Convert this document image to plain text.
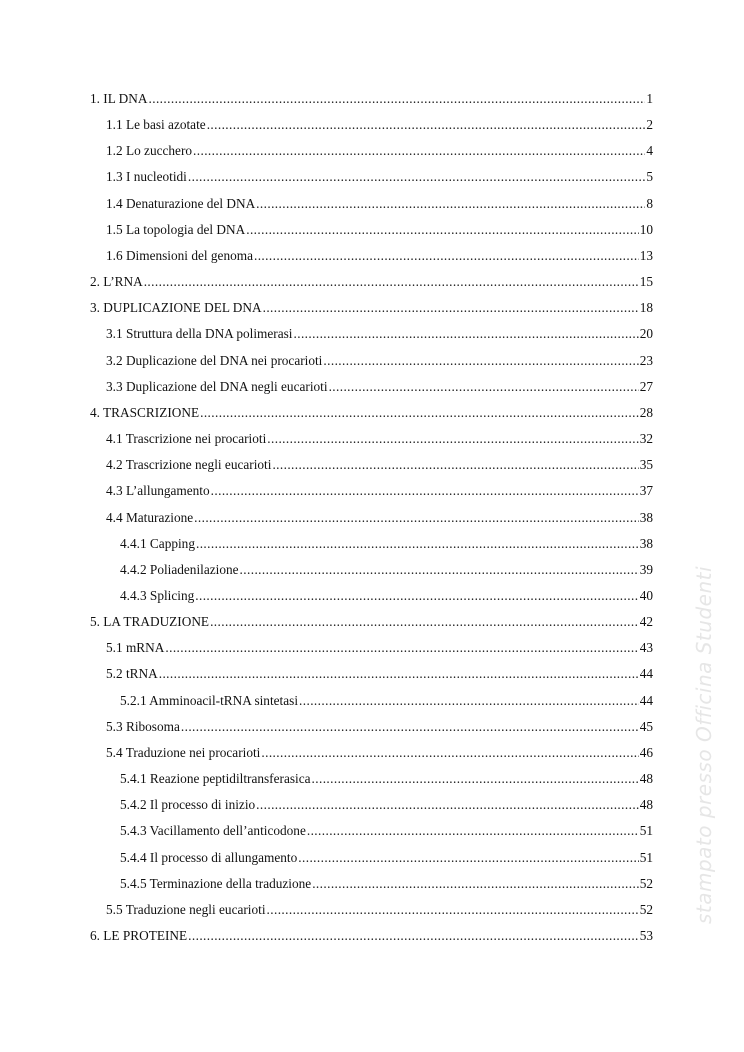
stampato presso Officina Studenti
1. IL DNA .....	1
1.1 Le basi azotate .....	2
1.2 Lo zucchero .....	4
1.3 I nucleotidi .....	5
1.4 Denaturazione del DNA .....	8
1.5 La topologia del DNA .....	10
1.6 Dimensioni del genoma .....	13
2. L’RNA .....	15
3. DUPLICAZIONE DEL DNA .....	18
3.1 Struttura della DNA polimerasi .....	20
3.2 Duplicazione del DNA nei procarioti .....	23
3.3 Duplicazione del DNA negli eucarioti .....	27
4. TRASCRIZIONE .....	28
4.1 Trascrizione nei procarioti .....	32
4.2 Trascrizione negli eucarioti .....	35
4.3 L’allungamento .....	37
4.4 Maturazione .....	38
4.4.1 Capping .....	38
4.4.2 Poliadenilazione .....	39
4.4.3 Splicing .....	40
5. LA TRADUZIONE .....	42
5.1 mRNA .....	43
5.2 tRNA .....	44
5.2.1 Amminoacil-tRNA sintetasi .....	44
5.3 Ribosoma .....	45
5.4 Traduzione nei procarioti .....	46
5.4.1 Reazione peptidiltransferasica .....	48
5.4.2 Il processo di inizio .....	48
5.4.3 Vacillamento dell’anticodone .....	51
5.4.4 Il processo di allungamento .....	51
5.4.5 Terminazione della traduzione .....	52
5.5 Traduzione negli eucarioti .....	52
6. LE PROTEINE .....	53
